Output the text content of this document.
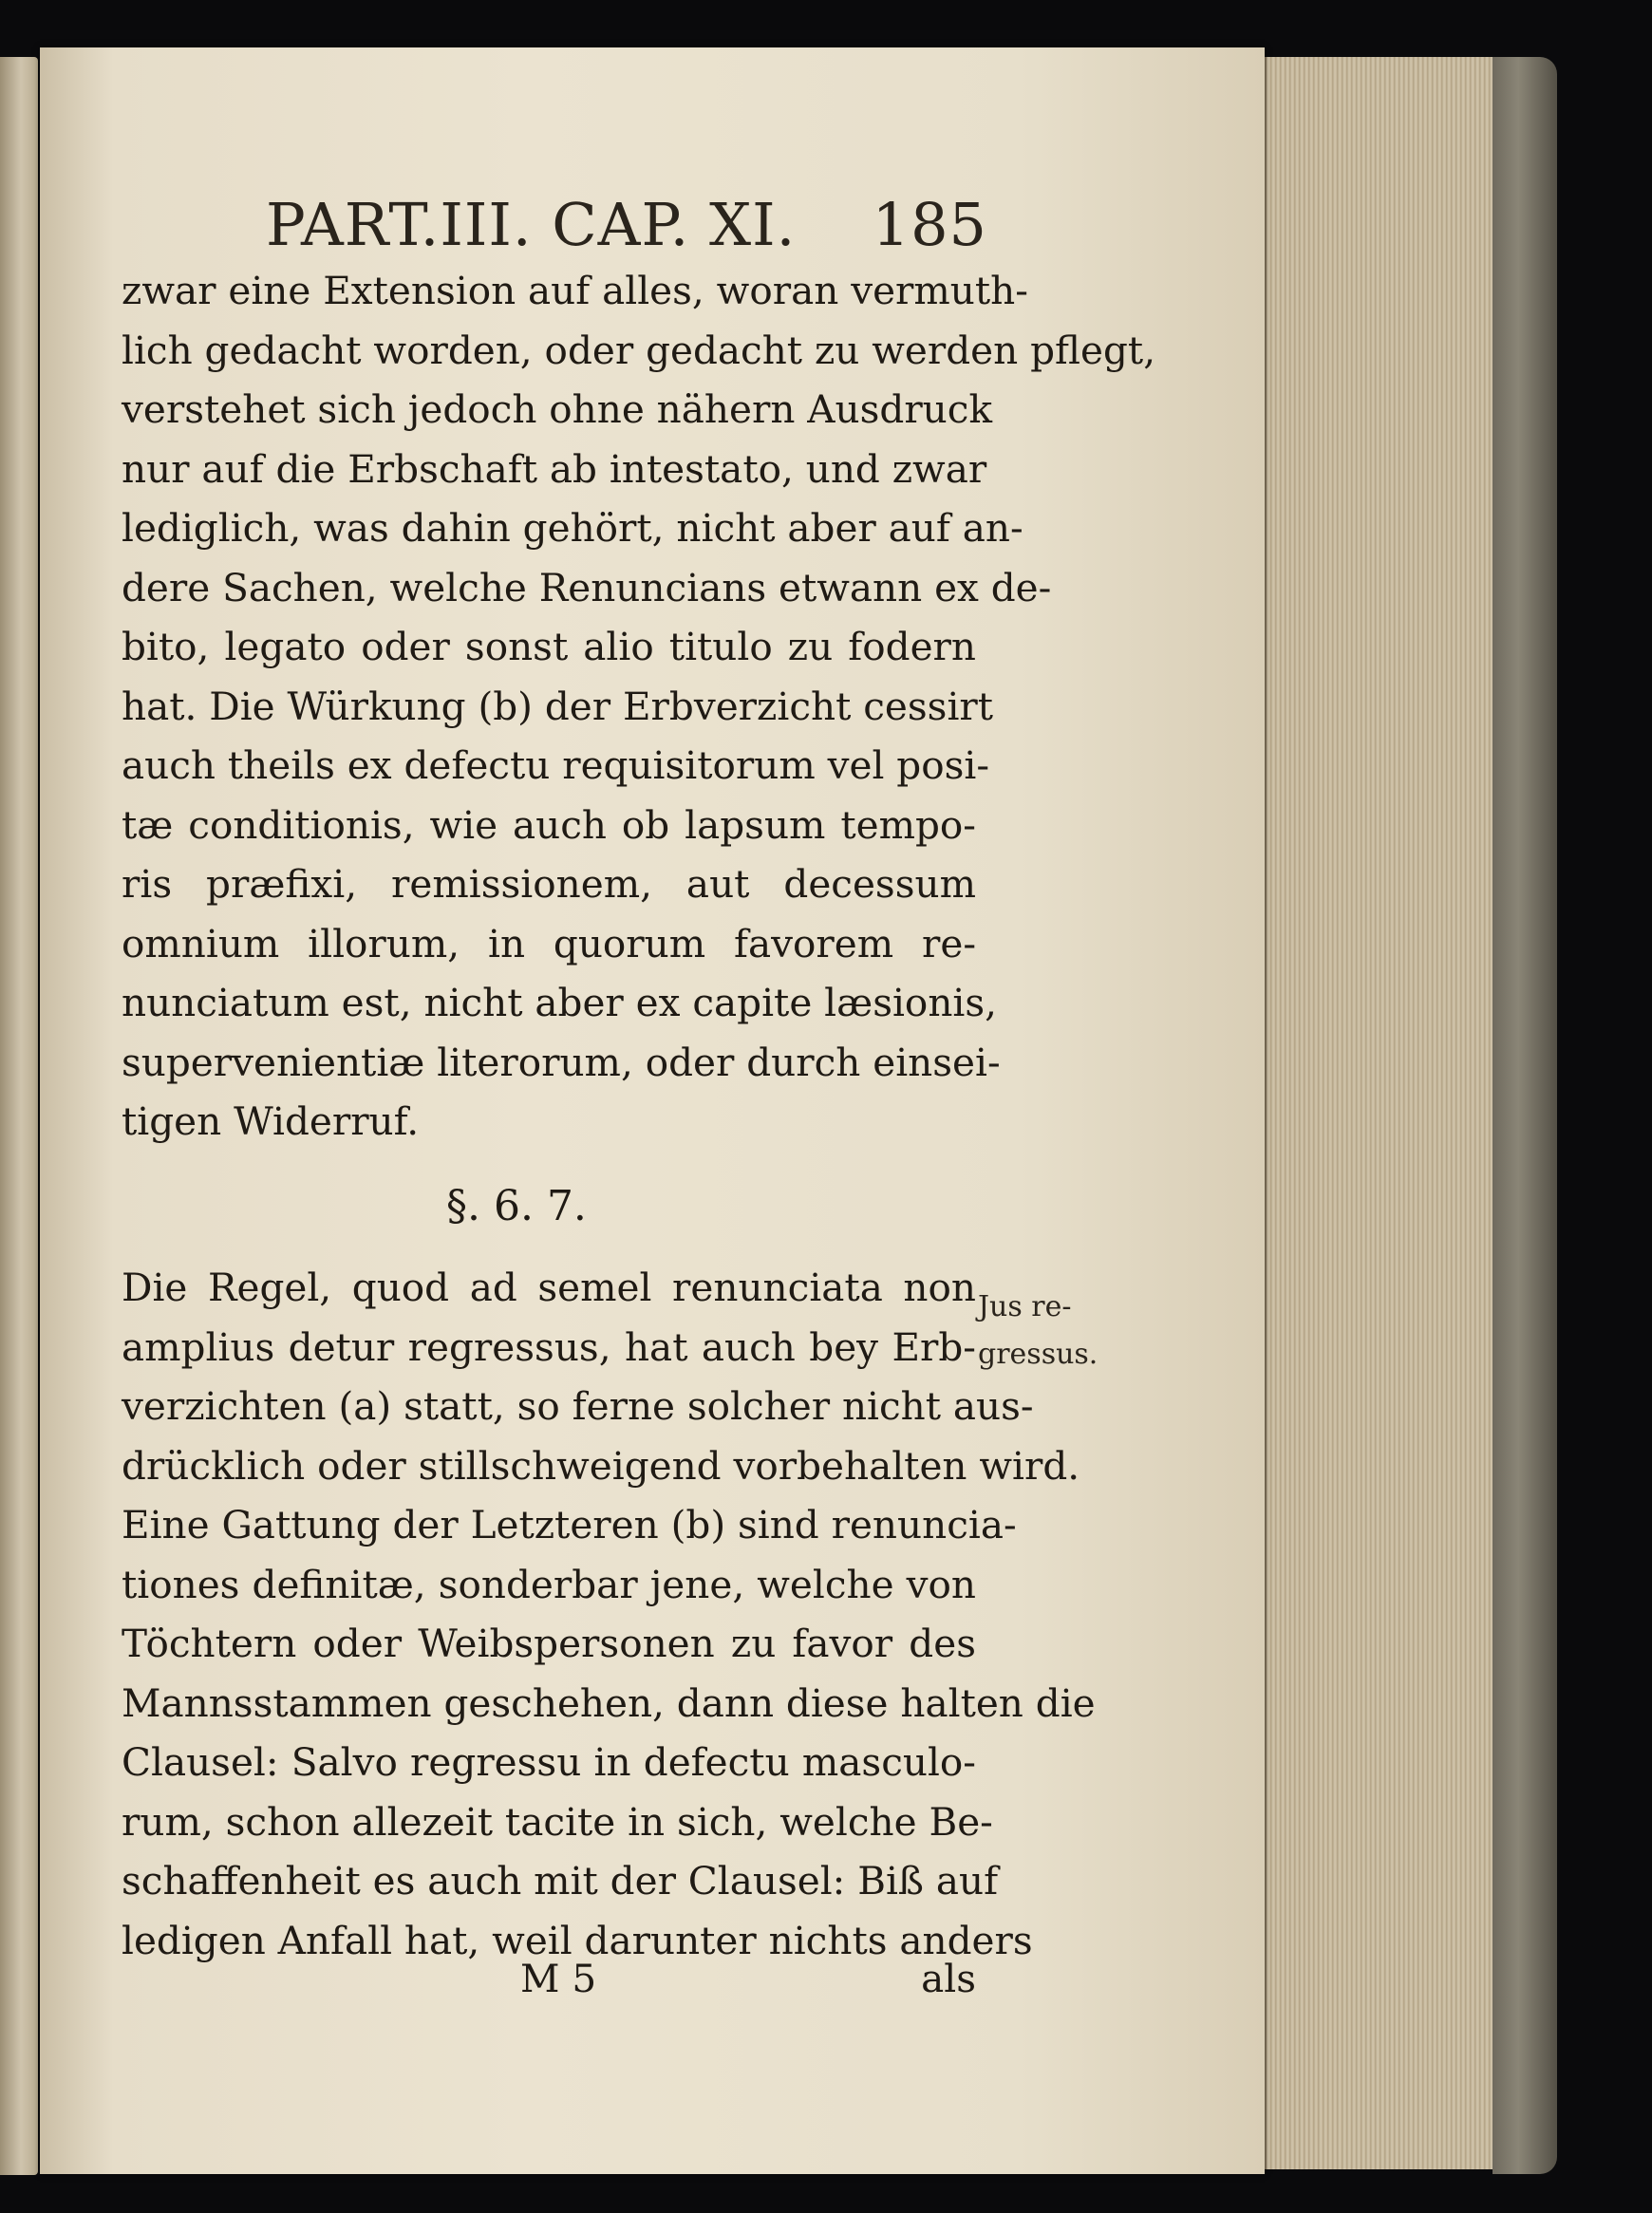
PART.III. CAP. XI. 185
zwar eine Extension auf alles, woran vermuth-
lich gedacht worden, oder gedacht zu werden pflegt,
verstehet sich jedoch ohne nähern Ausdruck
nur auf die Erbschaft ab intestato, und zwar
lediglich, was dahin gehört, nicht aber auf an-
dere Sachen, welche Renuncians etwann ex de-
bito, legato oder sonst alio titulo zu fodern
hat. Die Würkung (b) der Erbverzicht cessirt
auch theils ex defectu requisitorum vel posi-
tæ conditionis, wie auch ob lapsum tempo-
ris præfixi, remissionem, aut decessum
omnium illorum, in quorum favorem re-
nunciatum est, nicht aber ex capite læsionis,
supervenientiæ literorum, oder durch einsei-
tigen Widerruf.
§. 6. 7.
Die Regel, quod ad semel renunciata non
amplius detur regressus, hat auch bey Erb-
verzichten (a) statt, so ferne solcher nicht aus-
drücklich oder stillschweigend vorbehalten wird.
Eine Gattung der Letzteren (b) sind renuncia-
tiones definitæ, sonderbar jene, welche von
Töchtern oder Weibspersonen zu favor des
Mannsstammen geschehen, dann diese halten die
Clausel: Salvo regressu in defectu masculo-
rum, schon allezeit tacite in sich, welche Be-
schaffenheit es auch mit der Clausel: Biß auf
ledigen Anfall hat, weil darunter nichts anders
Jus re-
gressus.
M 5	als
